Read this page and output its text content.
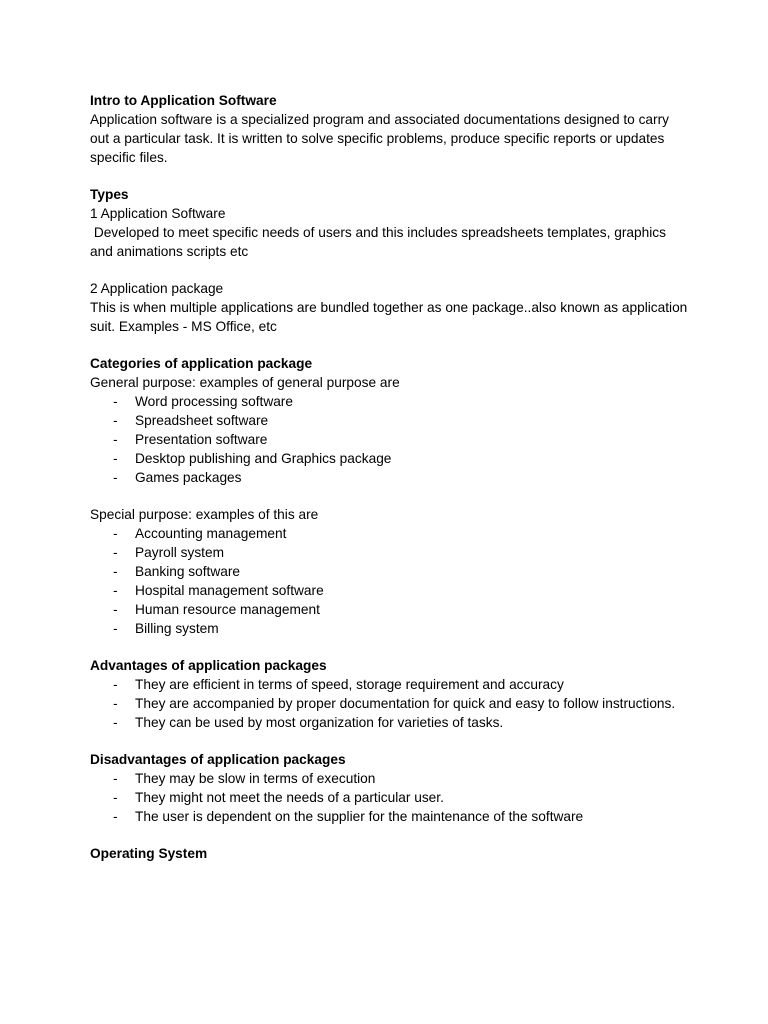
Intro to Application Software
Application software is a specialized program and associated documentations designed to carry out a particular task. It is written to solve specific problems, produce specific reports or updates specific files.
Types
1 Application Software
Developed to meet specific needs of users and this includes spreadsheets templates, graphics and animations scripts etc
2 Application package
This is when multiple applications are bundled together as one package..also known as application suit. Examples - MS Office, etc
Categories of application package
General purpose: examples of general purpose are
- Word processing software
- Spreadsheet software
- Presentation software
- Desktop publishing and Graphics package
- Games packages
Special purpose: examples of this are
- Accounting management
- Payroll system
- Banking software
- Hospital management software
- Human resource management
- Billing system
Advantages of application packages
- They are efficient in terms of speed, storage requirement and accuracy
- They are accompanied by proper documentation for quick and easy to follow instructions.
- They can be used by most organization for varieties of tasks.
Disadvantages of application packages
- They may be slow in terms of execution
- They might not meet the needs of a particular user.
- The user is dependent on the supplier for the maintenance of the software
Operating System
